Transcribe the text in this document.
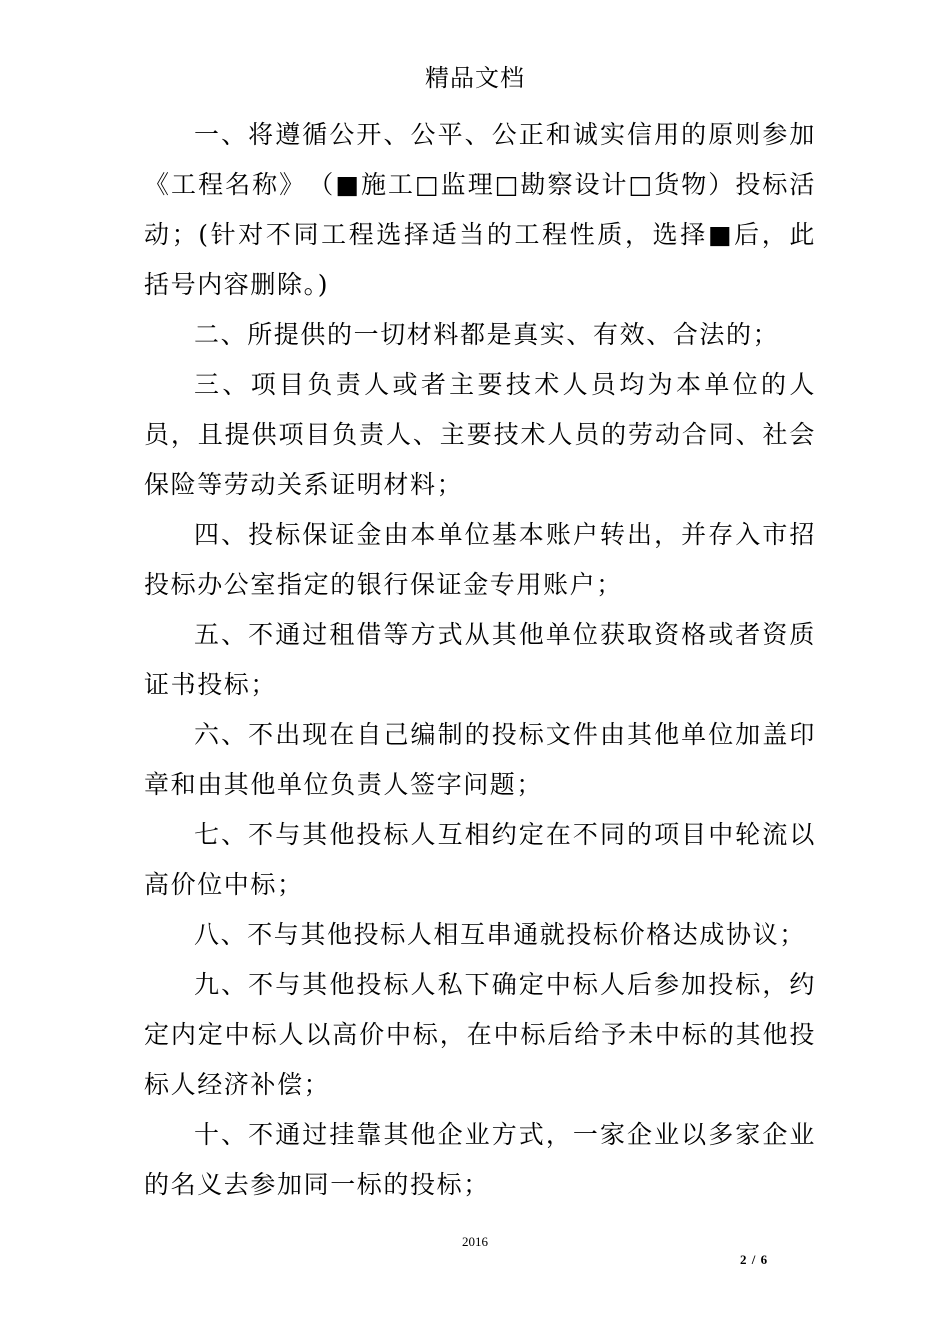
精品文档

一、将遵循公开、公平、公正和诚实信用的原则参加《工程名称》　（■施工□监理□勘察设计□货物）投标活动；(针对不同工程选择适当的工程性质，选择■后，此括号内容删除。)

二、所提供的一切材料都是真实、有效、合法的；

三、项目负责人或者主要技术人员均为本单位的人员，且提供项目负责人、主要技术人员的劳动合同、社会保险等劳动关系证明材料；

四、投标保证金由本单位基本账户转出，并存入市招投标办公室指定的银行保证金专用账户；

五、不通过租借等方式从其他单位获取资格或者资质证书投标；

六、不出现在自己编制的投标文件由其他单位加盖印章和由其他单位负责人签字问题；

七、不与其他投标人互相约定在不同的项目中轮流以高价位中标；

八、不与其他投标人相互串通就投标价格达成协议；

九、不与其他投标人私下确定中标人后参加投标，约定内定中标人以高价中标，在中标后给予未中标的其他投标人经济补偿；

十、不通过挂靠其他企业方式，一家企业以多家企业的名义去参加同一标的投标；

2016
2 / 6
